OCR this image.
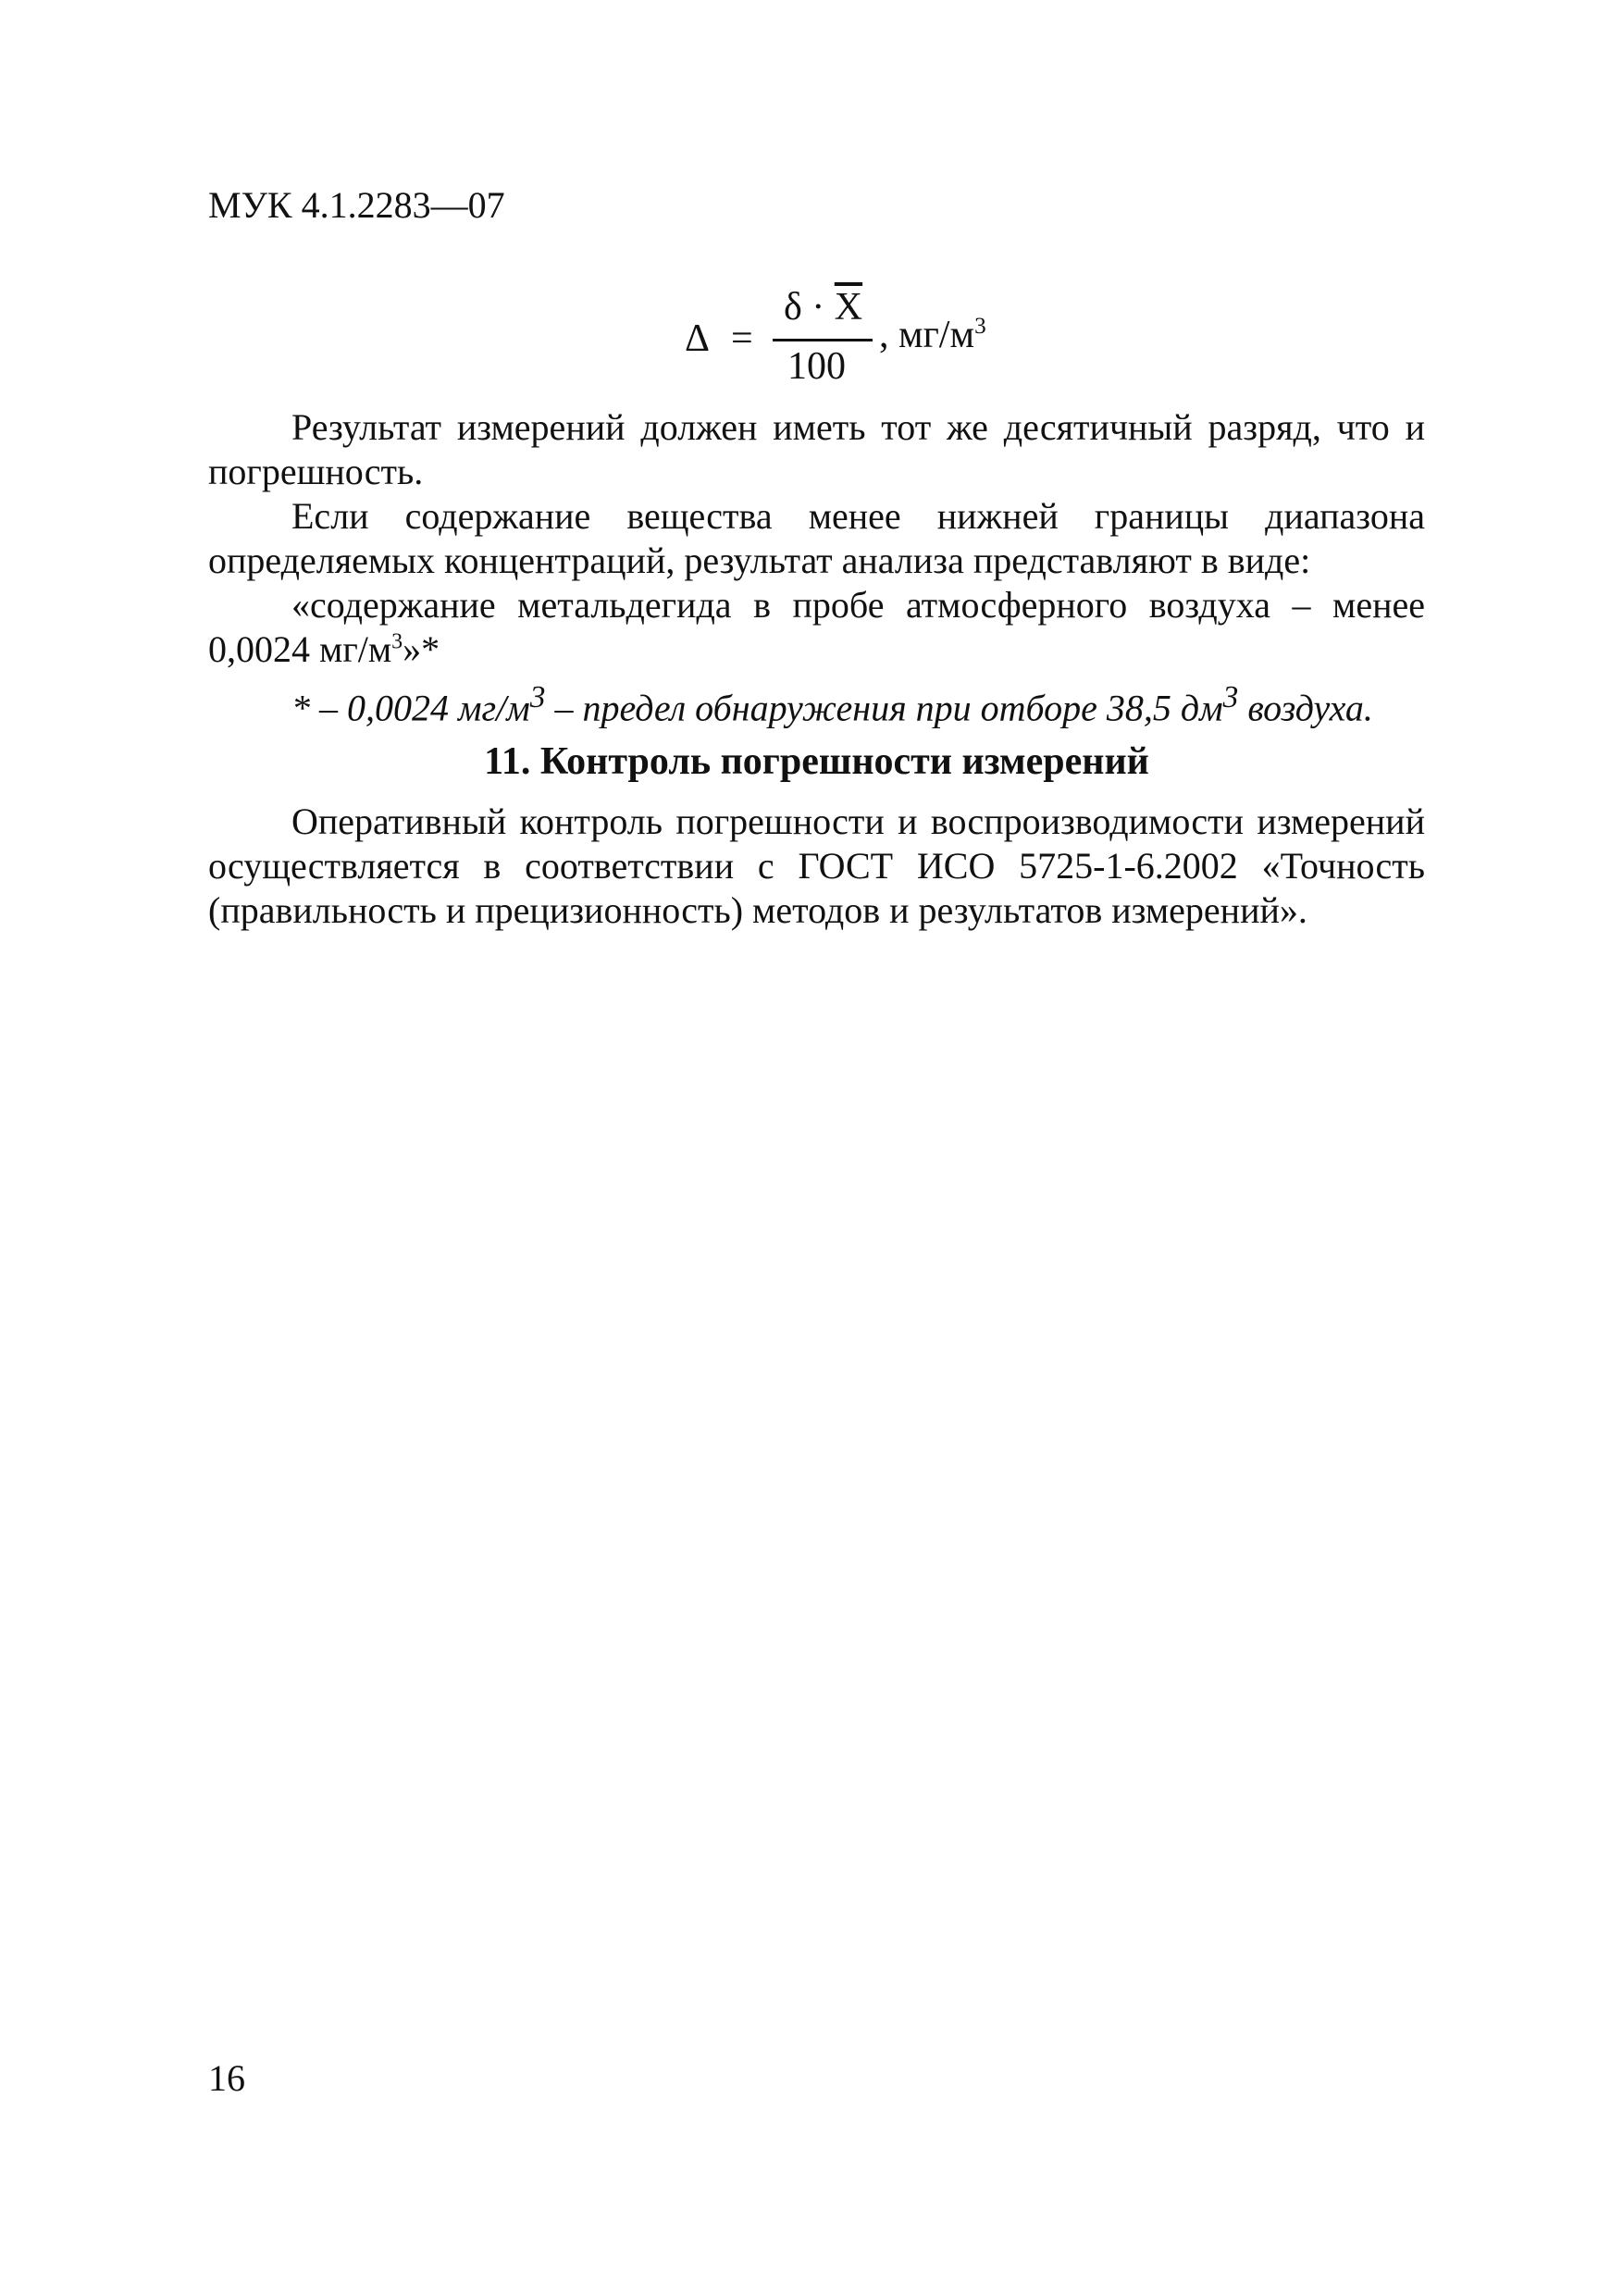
МУК 4.1.2283—07
Δ =
$\delta \cdot \overline{X}$
100
, $мг/м^3$

Результат измерений должен иметь тот же десятичный разряд, что и погрешность.

Если содержание вещества менее нижней границы диапазона определяемых концентраций, результат анализа представляют в виде:

«содержание метальдегида в пробе атмосферного воздуха – менее

0,0024 $мг/м^3»*$

* – 0,0024 $мг/м^3$ – предел обнаружения при отборе 38,5 $дм^3$ воздуха.
11. Контроль погрешности измерений

Оперативный контроль погрешности и воспроизводимости измерений осуществляется в соответствии с ГОСТ ИСО 5725-1-6.2002 «Точность (правильность и прецизионность) методов и результатов измерений».

16
